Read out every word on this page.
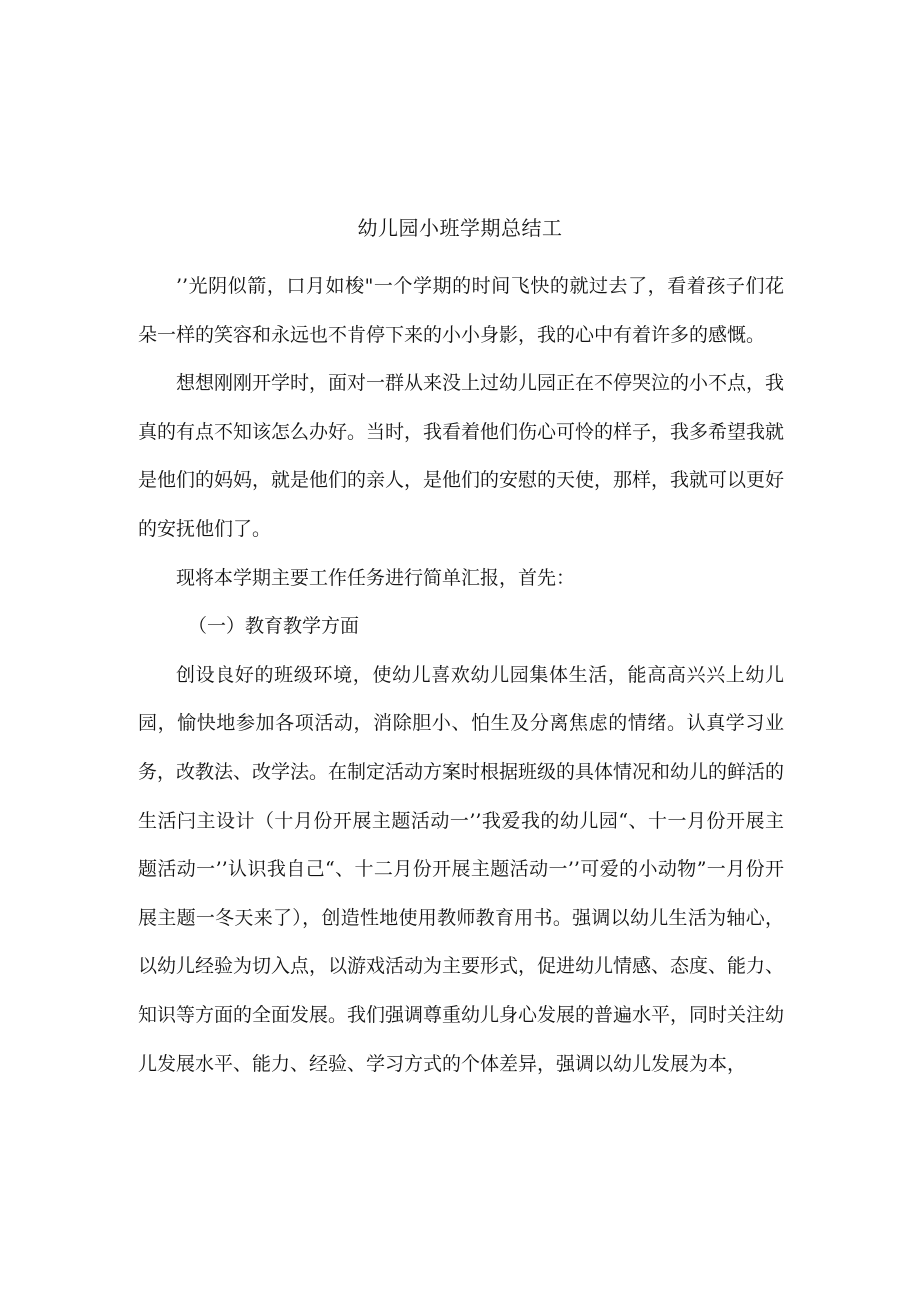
幼儿园小班学期总结工

’’光阴似箭，口月如梭"一个学期的时间飞快的就过去了，看着孩子们花朵一样的笑容和永远也不肯停下来的小小身影，我的心中有着许多的感慨。

想想刚刚开学时，面对一群从来没上过幼儿园正在不停哭泣的小不点，我真的有点不知该怎么办好。当时，我看着他们伤心可怜的样子，我多希望我就是他们的妈妈，就是他们的亲人，是他们的安慰的天使，那样，我就可以更好的安抚他们了。

现将本学期主要工作任务进行简单汇报，首先：

（一）教育教学方面

创设良好的班级环境，使幼儿喜欢幼儿园集体生活，能高高兴兴上幼儿园，愉快地参加各项活动，消除胆小、怕生及分离焦虑的情绪。认真学习业务，改教法、改学法。在制定活动方案时根据班级的具体情况和幼儿的鲜活的生活闩主设计（十月份开展主题活动一’’我爱我的幼儿园“、十一月份开展主题活动一’’认识我自己“、十二月份开展主题活动一’’可爱的小动物”一月份开展主题一冬天来了），创造性地使用教师教育用书。强调以幼儿生活为轴心，以幼儿经验为切入点，以游戏活动为主要形式，促进幼儿情感、态度、能力、知识等方面的全面发展。我们强调尊重幼儿身心发展的普遍水平，同时关注幼儿发展水平、能力、经验、学习方式的个体差异，强调以幼儿发展为本，
